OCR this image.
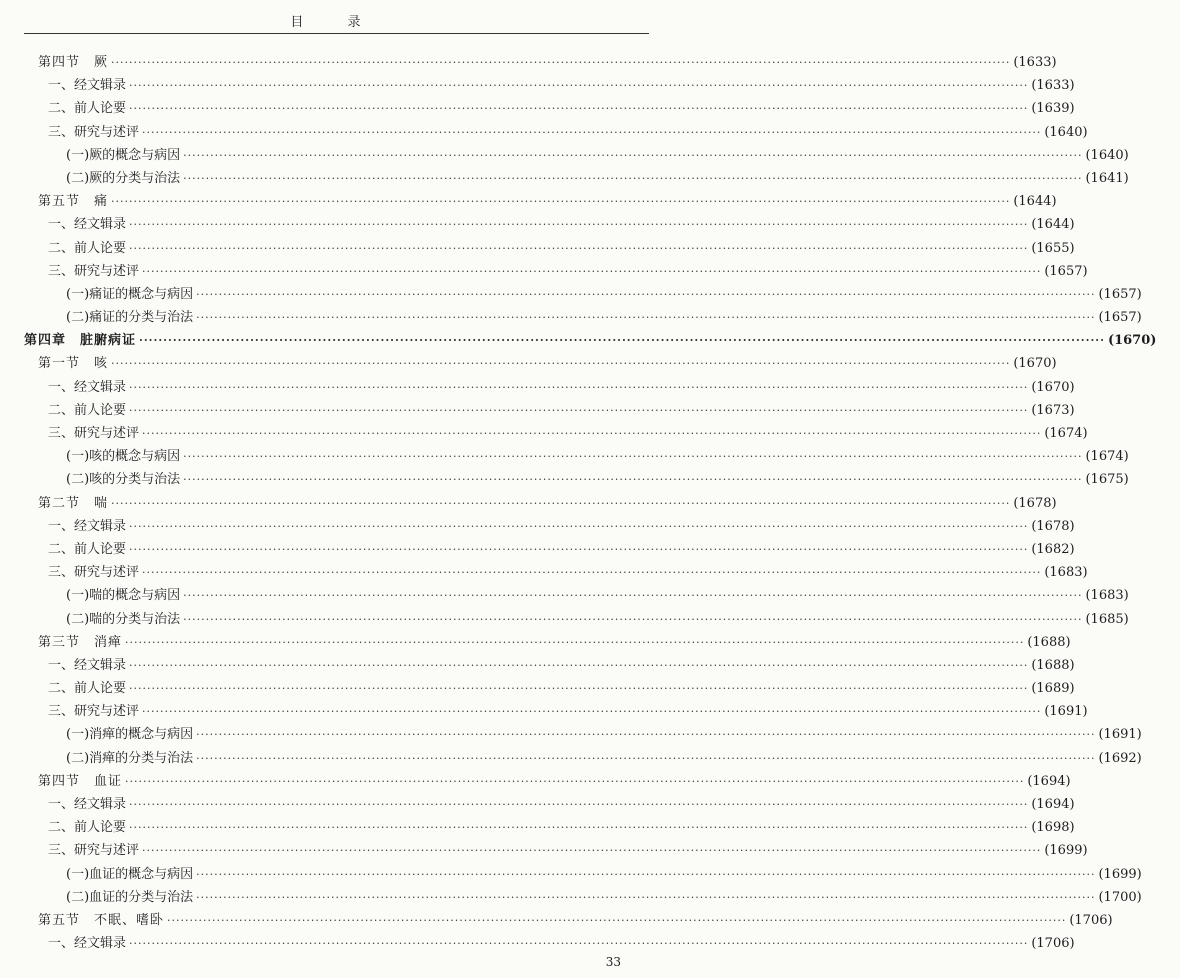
目 录
第四节　厥 ········································································································································································································ (1633)
一、经文辑录 ········································································································································································································ (1633)
二、前人论要 ········································································································································································································ (1639)
三、研究与述评 ········································································································································································································ (1640)
(一)厥的概念与病因 ········································································································································································································ (1640)
(二)厥的分类与治法 ········································································································································································································ (1641)
第五节　痛 ········································································································································································································ (1644)
一、经文辑录 ········································································································································································································ (1644)
二、前人论要 ········································································································································································································ (1655)
三、研究与述评 ········································································································································································································ (1657)
(一)痛证的概念与病因 ········································································································································································································ (1657)
(二)痛证的分类与治法 ········································································································································································································ (1657)
第四章　脏腑病证 ········································································································································································································ (1670)
第一节　咳 ········································································································································································································ (1670)
一、经文辑录 ········································································································································································································ (1670)
二、前人论要 ········································································································································································································ (1673)
三、研究与述评 ········································································································································································································ (1674)
(一)咳的概念与病因 ········································································································································································································ (1674)
(二)咳的分类与治法 ········································································································································································································ (1675)
第二节　喘 ········································································································································································································ (1678)
一、经文辑录 ········································································································································································································ (1678)
二、前人论要 ········································································································································································································ (1682)
三、研究与述评 ········································································································································································································ (1683)
(一)喘的概念与病因 ········································································································································································································ (1683)
(二)喘的分类与治法 ········································································································································································································ (1685)
第三节　消瘅 ········································································································································································································ (1688)
一、经文辑录 ········································································································································································································ (1688)
二、前人论要 ········································································································································································································ (1689)
三、研究与述评 ········································································································································································································ (1691)
(一)消瘅的概念与病因 ········································································································································································································ (1691)
(二)消瘅的分类与治法 ········································································································································································································ (1692)
第四节　血证 ········································································································································································································ (1694)
一、经文辑录 ········································································································································································································ (1694)
二、前人论要 ········································································································································································································ (1698)
三、研究与述评 ········································································································································································································ (1699)
(一)血证的概念与病因 ········································································································································································································ (1699)
(二)血证的分类与治法 ········································································································································································································ (1700)
第五节　不眠、嗜卧 ········································································································································································································ (1706)
一、经文辑录 ········································································································································································································ (1706)
33
